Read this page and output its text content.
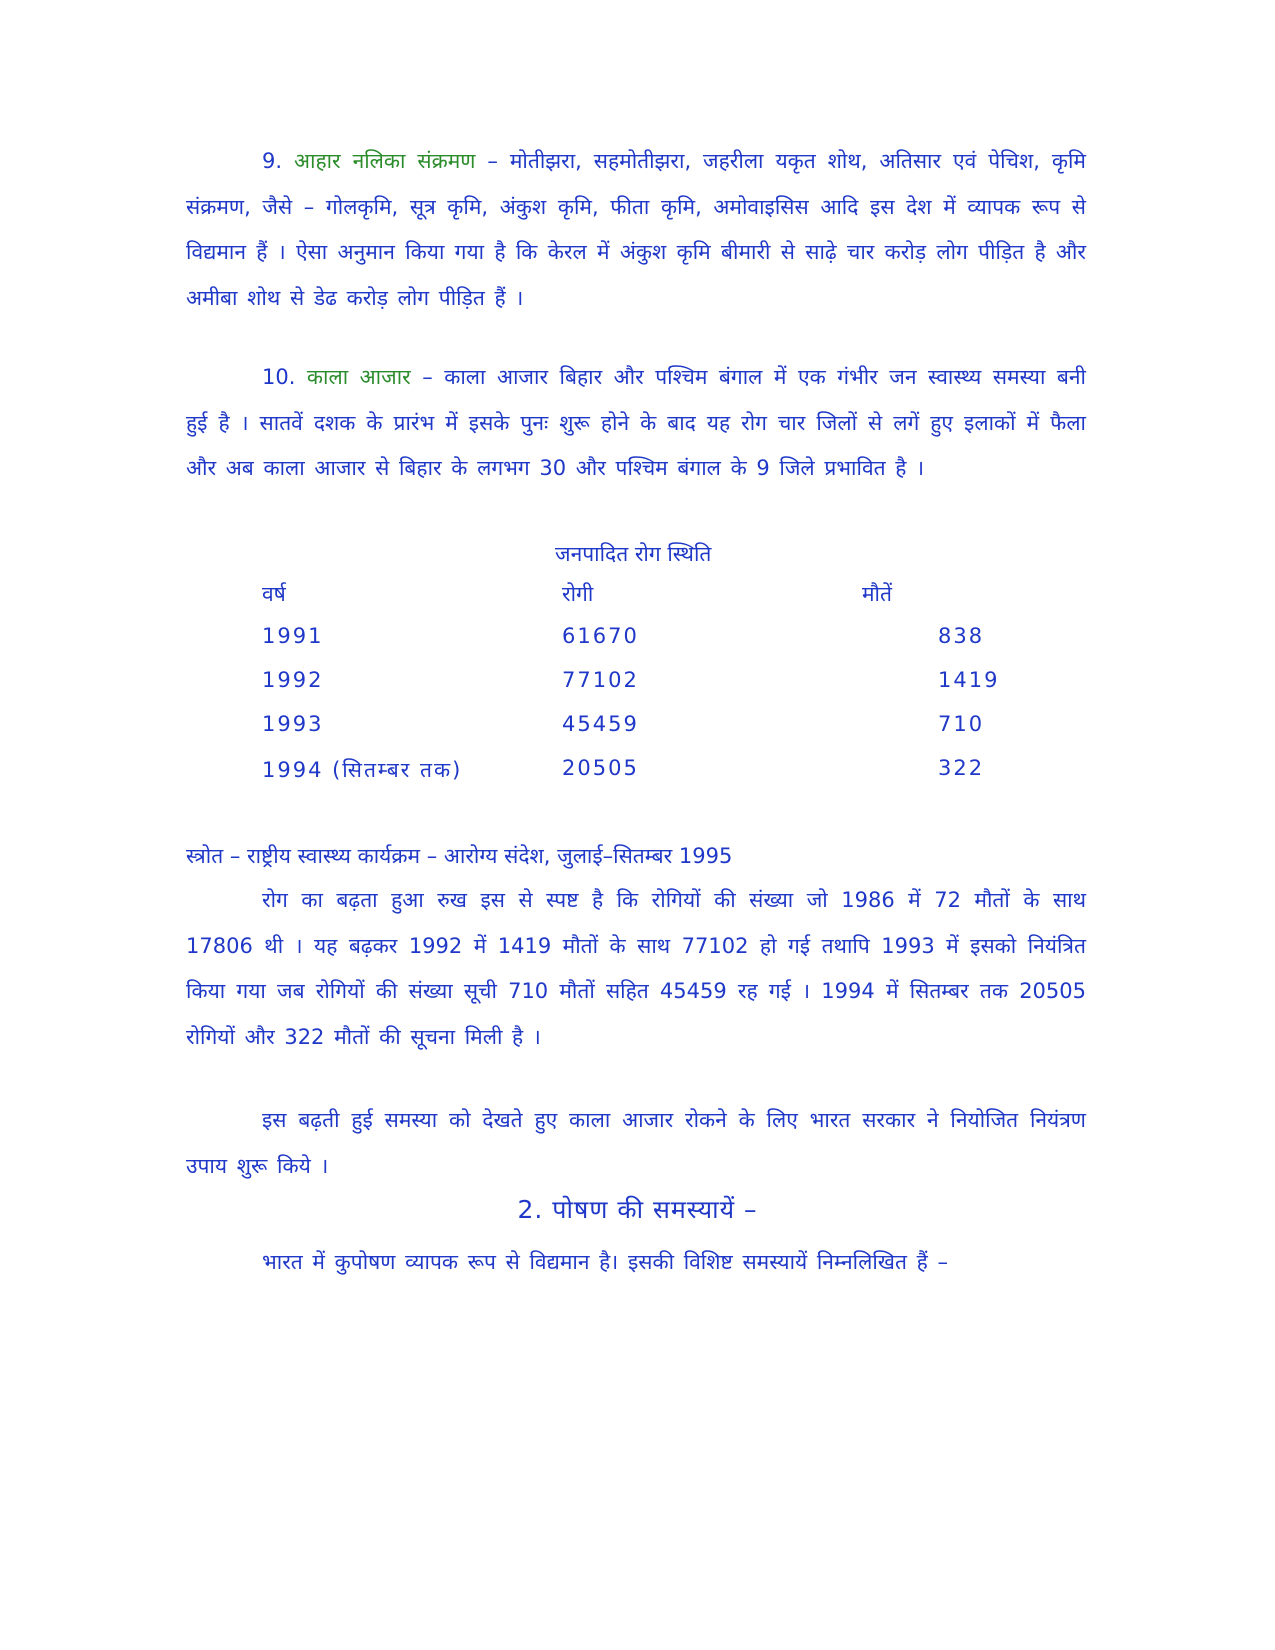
9. आहार नलिका संक्रमण – मोतीझरा, सहमोतीझरा, जहरीला यकृत शोथ, अतिसार एवं पेचिश, कृमि संक्रमण, जैसे – गोलकृमि, सूत्र कृमि, अंकुश कृमि, फीता कृमि, अमोवाइसिस आदि इस देश में व्यापक रूप से विद्यमान हैं । ऐसा अनुमान किया गया है कि केरल में अंकुश कृमि बीमारी से साढ़े चार करोड़ लोग पीड़ित है और अमीबा शोथ से डेढ करोड़ लोग पीड़ित हैं ।

10. काला आजार – काला आजार बिहार और पश्चिम बंगाल में एक गंभीर जन स्वास्थ्य समस्या बनी हुई है । सातवें दशक के प्रारंभ में इसके पुनः शुरू होने के बाद यह रोग चार जिलों से लगें हुए इलाकों में फैला और अब काला आजार से बिहार के लगभग 30 और पश्चिम बंगाल के 9 जिले प्रभावित है ।

जनपादित रोग स्थिति

वर्ष	रोगी	मौतें
1991	61670	838
1992	77102	1419
1993	45459	710
1994 (सितम्बर तक)	20505	322

स्त्रोत – राष्ट्रीय स्वास्थ्य कार्यक्रम – आरोग्य संदेश, जुलाई–सितम्बर 1995

रोग का बढ़ता हुआ रुख इस से स्पष्ट है कि रोगियों की संख्या जो 1986 में 72 मौतों के साथ 17806 थी । यह बढ़कर 1992 में 1419 मौतों के साथ 77102 हो गई तथापि 1993 में इसको नियंत्रित किया गया जब रोगियों की संख्या सूची 710 मौतों सहित 45459 रह गई । 1994 में सितम्बर तक 20505 रोगियों और 322 मौतों की सूचना मिली है ।

इस बढ़ती हुई समस्या को देखते हुए काला आजार रोकने के लिए भारत सरकार ने नियोजित नियंत्रण उपाय शुरू किये ।

2. पोषण की समस्यायें –

भारत में कुपोषण व्यापक रूप से विद्यमान है। इसकी विशिष्ट समस्यायें निम्नलिखित हैं –
